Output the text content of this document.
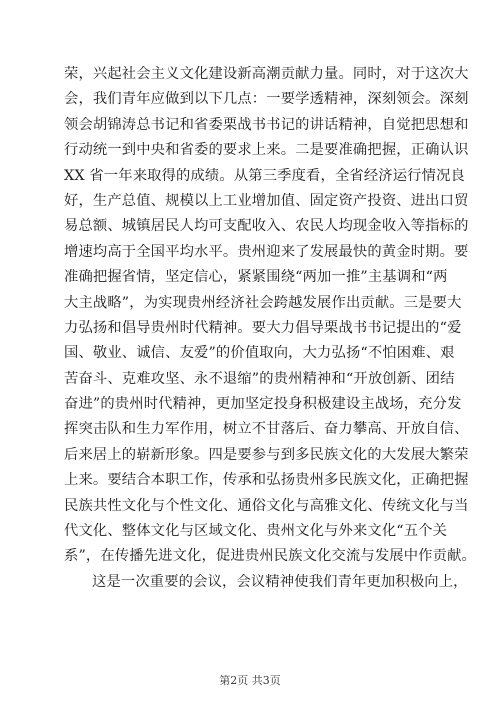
荣，兴起社会主义文化建设新高潮贡献力量。同时，对于这次大
会，我们青年应做到以下几点：一要学透精神，深刻领会。深刻
领会胡锦涛总书记和省委栗战书书记的讲话精神，自觉把思想和
行动统一到中央和省委的要求上来。二是要准确把握，正确认识
XX 省一年来取得的成绩。从第三季度看，全省经济运行情况良
好，生产总值、规模以上工业增加值、固定资产投资、进出口贸
易总额、城镇居民人均可支配收入、农民人均现金收入等指标的
增速均高于全国平均水平。贵州迎来了发展最快的黄金时期。要
准确把握省情，坚定信心，紧紧围绕“两加一推”主基调和“两
大主战略”，为实现贵州经济社会跨越发展作出贡献。三是要大
力弘扬和倡导贵州时代精神。要大力倡导栗战书书记提出的“爱
国、敬业、诚信、友爱”的价值取向，大力弘扬“不怕困难、艰
苦奋斗、克难攻坚、永不退缩”的贵州精神和“开放创新、团结
奋进”的贵州时代精神，更加坚定投身积极建设主战场，充分发
挥突击队和生力军作用，树立不甘落后、奋力攀高、开放自信、
后来居上的崭新形象。四是要参与到多民族文化的大发展大繁荣
上来。要结合本职工作，传承和弘扬贵州多民族文化，正确把握
民族共性文化与个性文化、通俗文化与高雅文化、传统文化与当
代文化、整体文化与区域文化、贵州文化与外来文化“五个关
系”，在传播先进文化，促进贵州民族文化交流与发展中作贡献。
这是一次重要的会议，会议精神使我们青年更加积极向上，
第2页 共3页
